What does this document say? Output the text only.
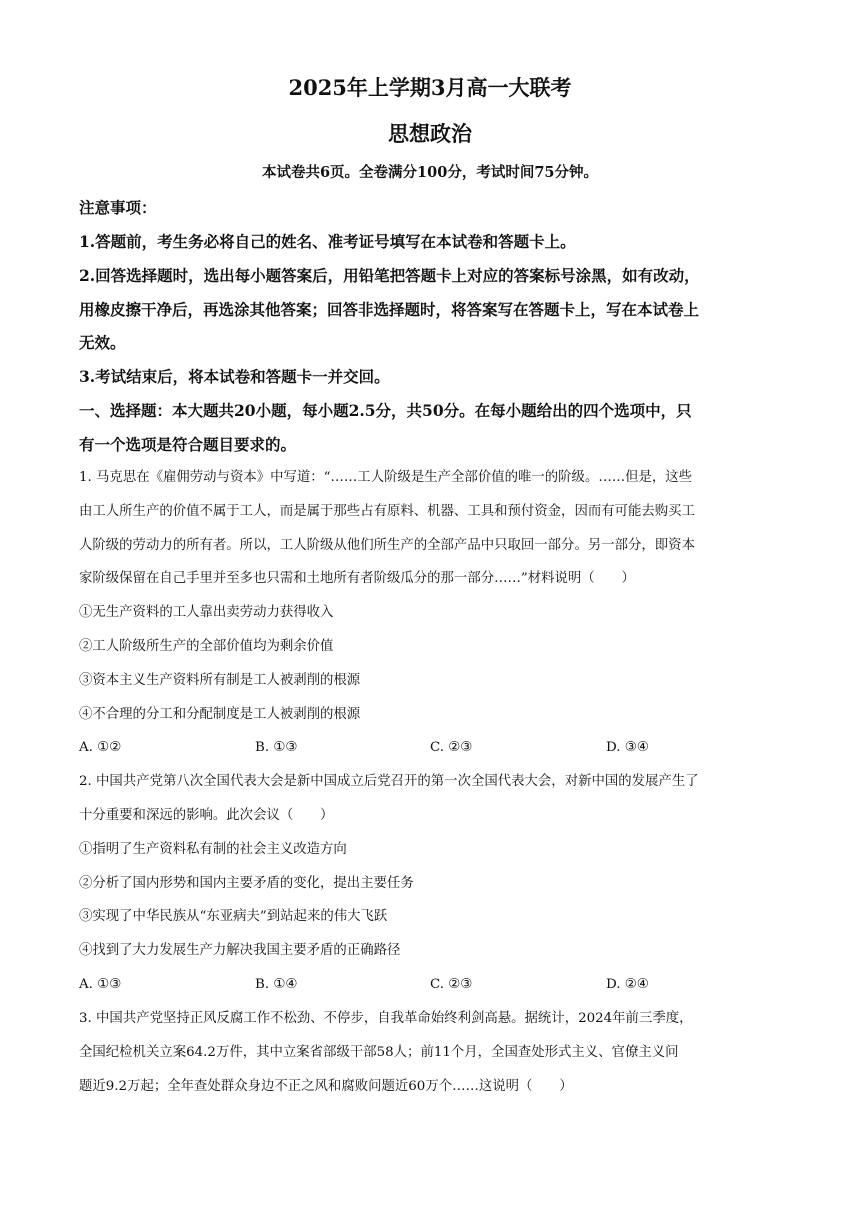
2025年上学期3月高一大联考
思想政治
本试卷共6页。全卷满分100分，考试时间75分钟。
注意事项：
1.答题前，考生务必将自己的姓名、准考证号填写在本试卷和答题卡上。
2.回答选择题时，选出每小题答案后，用铅笔把答题卡上对应的答案标号涂黑，如有改动，
用橡皮擦干净后，再选涂其他答案；回答非选择题时，将答案写在答题卡上，写在本试卷上
无效。
3.考试结束后，将本试卷和答题卡一并交回。
一、选择题：本大题共20小题，每小题2.5分，共50分。在每小题给出的四个选项中，只
有一个选项是符合题目要求的。
1. 马克思在《雇佣劳动与资本》中写道：“……工人阶级是生产全部价值的唯一的阶级。……但是，这些
由工人所生产的价值不属于工人，而是属于那些占有原料、机器、工具和预付资金，因而有可能去购买工
人阶级的劳动力的所有者。所以，工人阶级从他们所生产的全部产品中只取回一部分。另一部分，即资本
家阶级保留在自己手里并至多也只需和土地所有者阶级瓜分的那一部分……”材料说明（　　）
①无生产资料的工人靠出卖劳动力获得收入
②工人阶级所生产的全部价值均为剩余价值
③资本主义生产资料所有制是工人被剥削的根源
④不合理的分工和分配制度是工人被剥削的根源
A. ①②	B. ①③	C. ②③	D. ③④
2. 中国共产党第八次全国代表大会是新中国成立后党召开的第一次全国代表大会，对新中国的发展产生了
十分重要和深远的影响。此次会议（　　）
①指明了生产资料私有制的社会主义改造方向
②分析了国内形势和国内主要矛盾的变化，提出主要任务
③实现了中华民族从“东亚病夫”到站起来的伟大飞跃
④找到了大力发展生产力解决我国主要矛盾的正确路径
A. ①③	B. ①④	C. ②③	D. ②④
3. 中国共产党坚持正风反腐工作不松劲、不停步，自我革命始终利剑高悬。据统计，2024年前三季度，
全国纪检机关立案64.2万件，其中立案省部级干部58人；前11个月，全国查处形式主义、官僚主义问
题近9.2万起；全年查处群众身边不正之风和腐败问题近60万个……这说明（　　）
